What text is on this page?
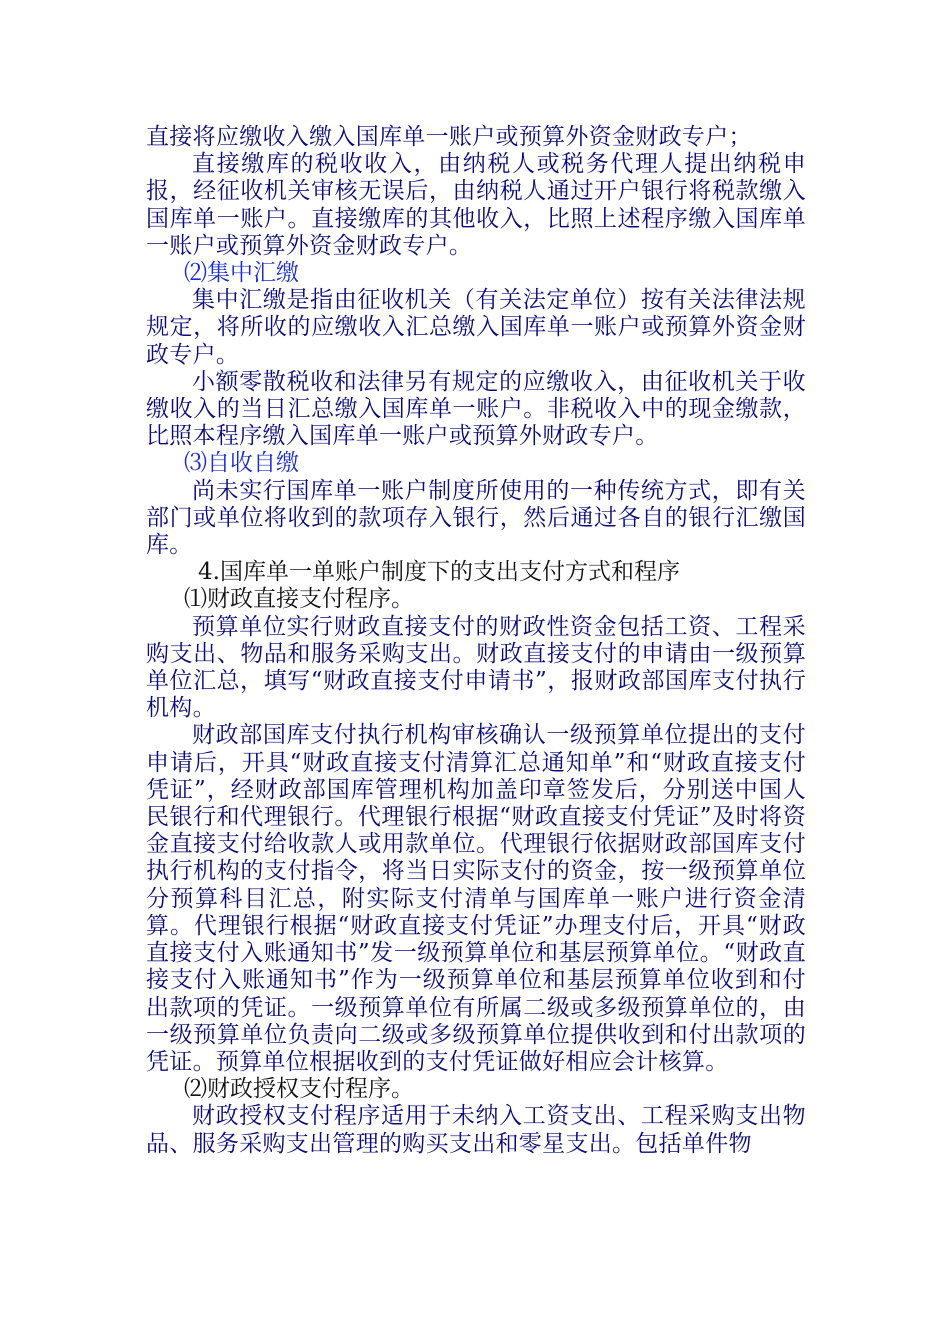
直接将应缴收入缴入国库单一账户或预算外资金财政专户；

直接缴库的税收收入，由纳税人或税务代理人提出纳税申报，经征收机关审核无误后，由纳税人通过开户银行将税款缴入国库单一账户。直接缴库的其他收入，比照上述程序缴入国库单一账户或预算外资金财政专户。

⑵集中汇缴

集中汇缴是指由征收机关（有关法定单位）按有关法律法规规定，将所收的应缴收入汇总缴入国库单一账户或预算外资金财政专户。

小额零散税收和法律另有规定的应缴收入，由征收机关于收缴收入的当日汇总缴入国库单一账户。非税收入中的现金缴款，比照本程序缴入国库单一账户或预算外财政专户。

⑶自收自缴

尚未实行国库单一账户制度所使用的一种传统方式，即有关部门或单位将收到的款项存入银行，然后通过各自的银行汇缴国库。

4.国库单一单账户制度下的支出支付方式和程序

⑴财政直接支付程序。

预算单位实行财政直接支付的财政性资金包括工资、工程采购支出、物品和服务采购支出。财政直接支付的申请由一级预算单位汇总，填写“财政直接支付申请书”，报财政部国库支付执行机构。

财政部国库支付执行机构审核确认一级预算单位提出的支付申请后，开具“财政直接支付清算汇总通知单”和“财政直接支付凭证”，经财政部国库管理机构加盖印章签发后，分别送中国人民银行和代理银行。代理银行根据“财政直接支付凭证”及时将资金直接支付给收款人或用款单位。代理银行依据财政部国库支付执行机构的支付指令，将当日实际支付的资金，按一级预算单位分预算科目汇总，附实际支付清单与国库单一账户进行资金清算。代理银行根据“财政直接支付凭证”办理支付后，开具“财政直接支付入账通知书”发一级预算单位和基层预算单位。“财政直接支付入账通知书”作为一级预算单位和基层预算单位收到和付出款项的凭证。一级预算单位有所属二级或多级预算单位的，由一级预算单位负责向二级或多级预算单位提供收到和付出款项的凭证。预算单位根据收到的支付凭证做好相应会计核算。

⑵财政授权支付程序。

财政授权支付程序适用于未纳入工资支出、工程采购支出物品、服务采购支出管理的购买支出和零星支出。包括单件物
